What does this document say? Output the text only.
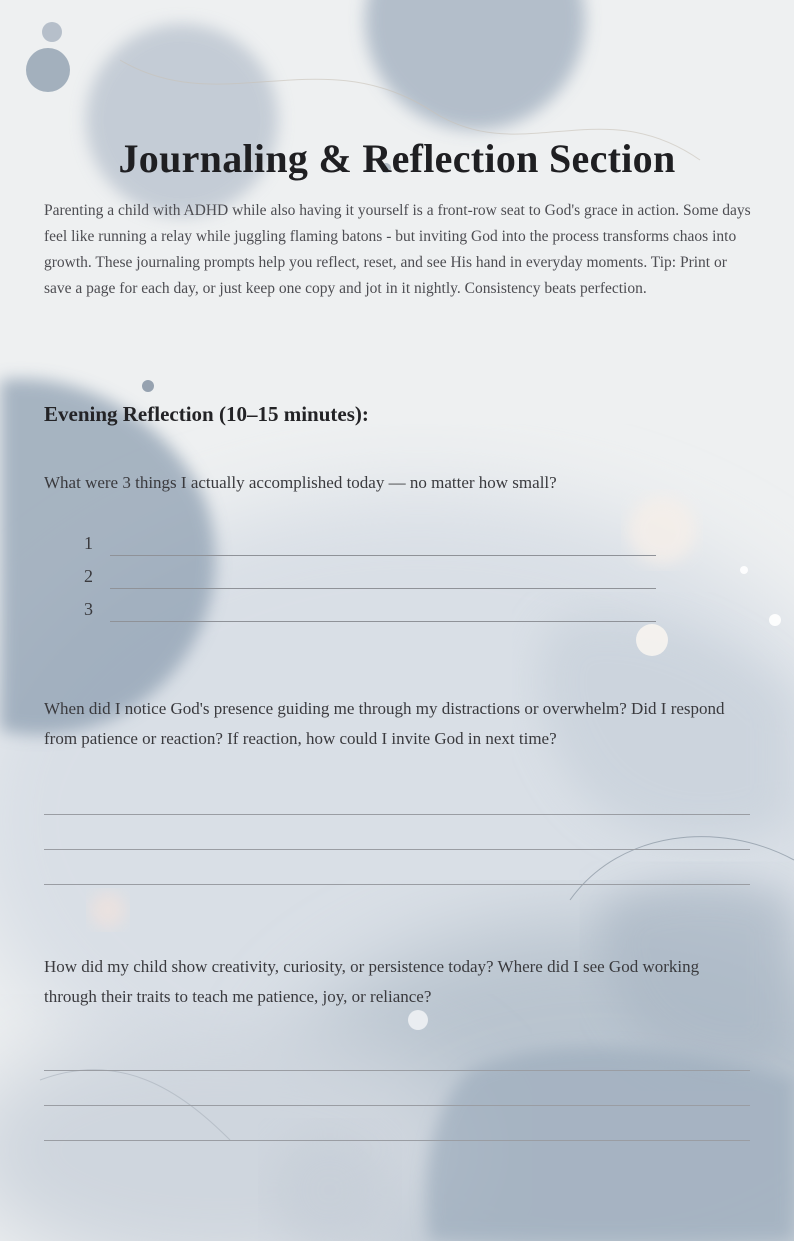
Journaling & Reflection Section

Parenting a child with ADHD while also having it yourself is a front-row seat to God's grace in action. Some days feel like running a relay while juggling flaming batons - but inviting God into the process transforms chaos into growth. These journaling prompts help you reflect, reset, and see His hand in everyday moments. Tip: Print or save a page for each day, or just keep one copy and jot in it nightly. Consistency beats perfection.

Evening Reflection (10–15 minutes):

What were 3 things I actually accomplished today — no matter how small?

1
2
3

When did I notice God's presence guiding me through my distractions or overwhelm? Did I respond from patience or reaction? If reaction, how could I invite God in next time?

How did my child show creativity, curiosity, or persistence today? Where did I see God working through their traits to teach me patience, joy, or reliance?
